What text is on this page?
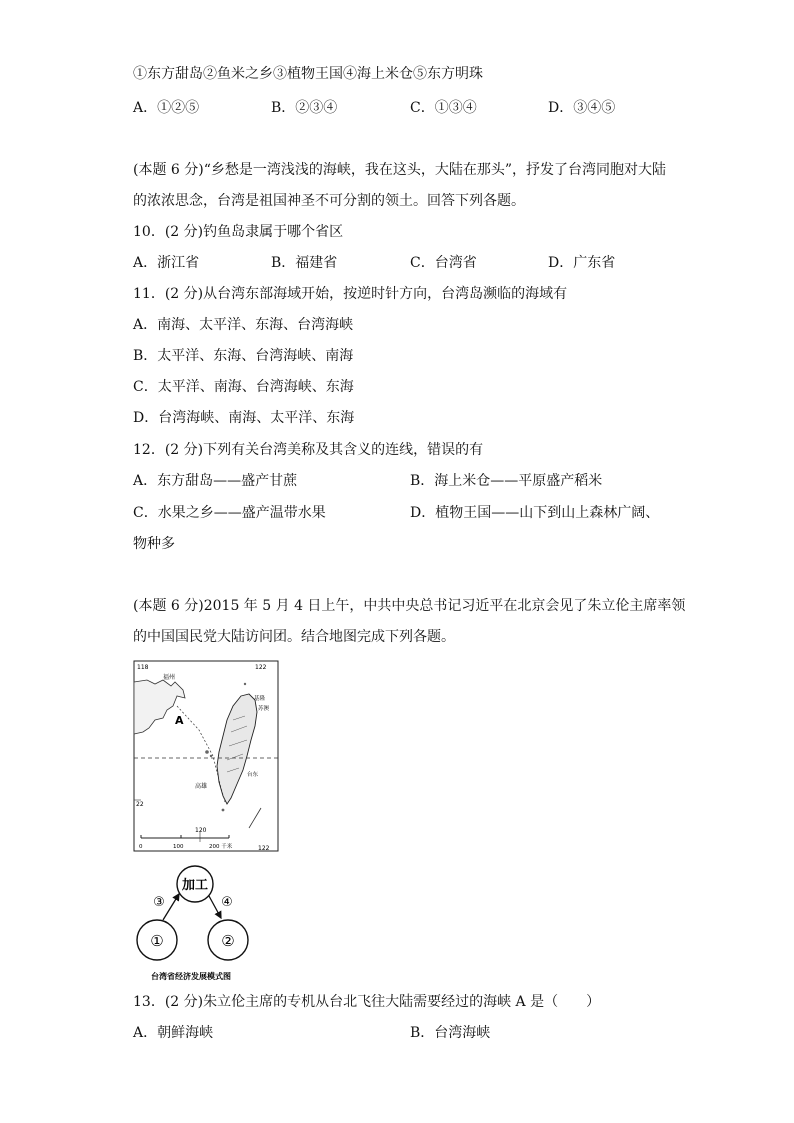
①东方甜岛②鱼米之乡③植物王国④海上米仓⑤东方明珠
A．①②⑤	B．②③④	C．①③④	D．③④⑤
(本题 6 分)“乡愁是一湾浅浅的海峡，我在这头，大陆在那头”，抒发了台湾同胞对大陆
的浓浓思念，台湾是祖国神圣不可分割的领土。回答下列各题。
10．(2 分)钓鱼岛隶属于哪个省区
A．浙江省	B．福建省	C．台湾省	D．广东省
11．(2 分)从台湾东部海域开始，按逆时针方向，台湾岛濒临的海域有
A．南海、太平洋、东海、台湾海峡
B．太平洋、东海、台湾海峡、南海
C．太平洋、南海、台湾海峡、东海
D．台湾海峡、南海、太平洋、东海
12．(2 分)下列有关台湾美称及其含义的连线，错误的有
A．东方甜岛——盛产甘蔗	B．海上米仓——平原盛产稻米
C．水果之乡——盛产温带水果	D．植物王国——山下到山上森林广阔、
物种多
(本题 6 分)2015 年 5 月 4 日上午，中共中央总书记习近平在北京会见了朱立伦主席率领
的中国国民党大陆访问团。结合地图完成下列各题。
118	122
120
122
22
A
福州
基隆
苏澳
高雄
台东
0	100	200 千米
加工
①	②
③	④
台湾省经济发展模式图
13．(2 分)朱立伦主席的专机从台北飞往大陆需要经过的海峡 A 是（　　）
A．朝鲜海峡	B．台湾海峡
